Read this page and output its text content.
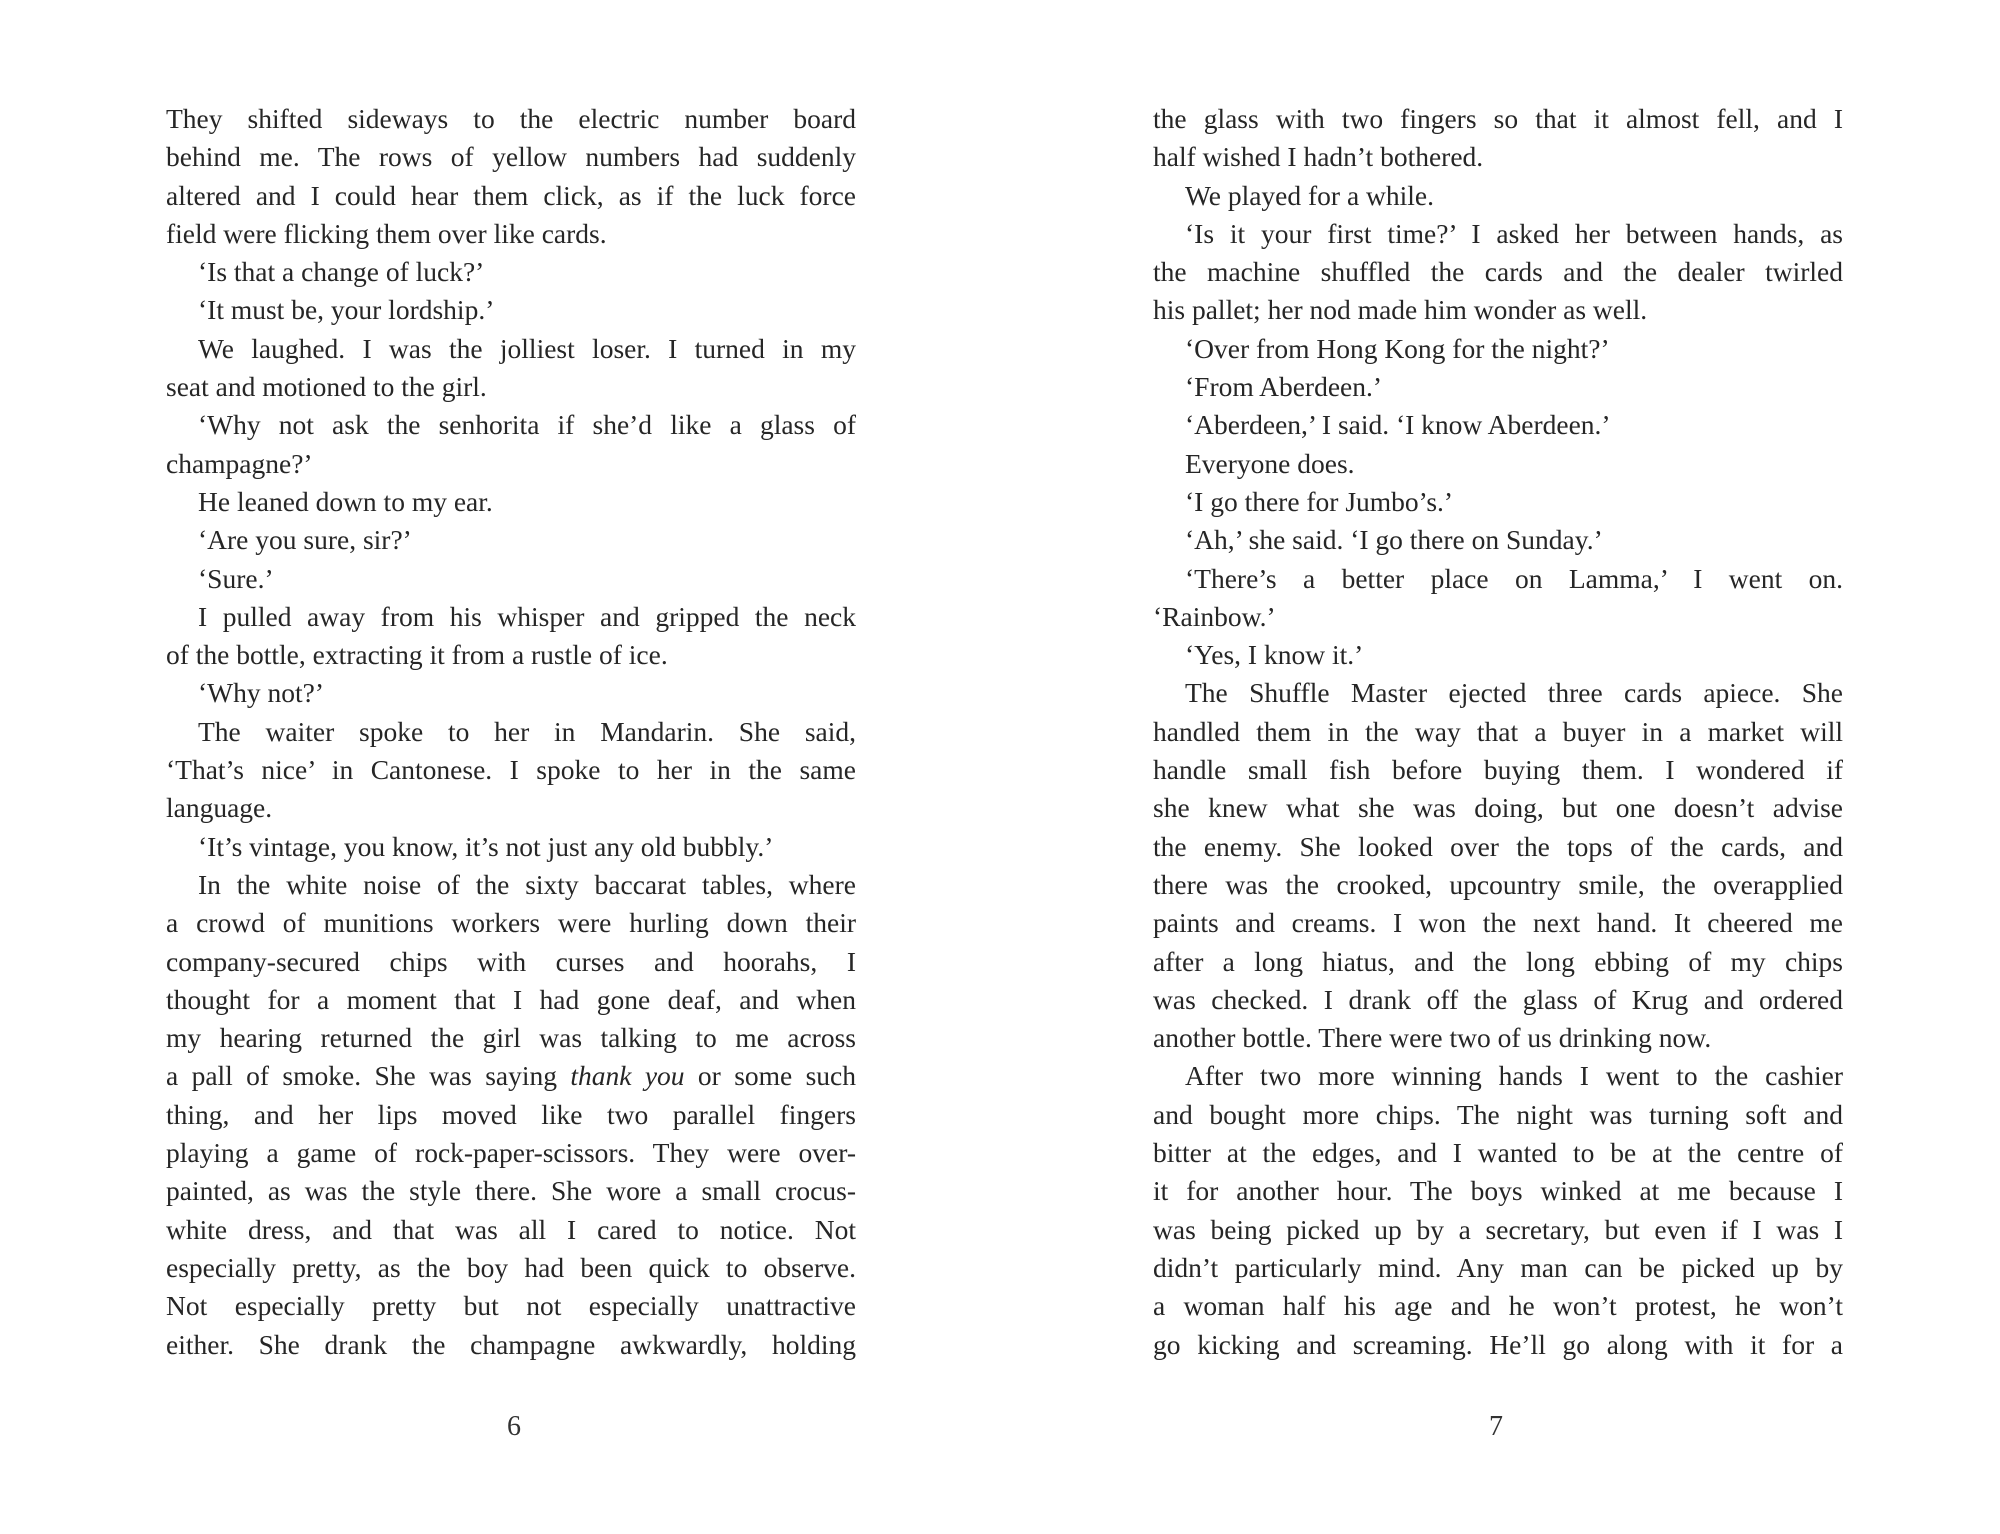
They shifted sideways to the electric number board
behind me. The rows of yellow numbers had suddenly
altered and I could hear them click, as if the luck force
field were flicking them over like cards.
‘Is that a change of luck?’
‘It must be, your lordship.’
We laughed. I was the jolliest loser. I turned in my
seat and motioned to the girl.
‘Why not ask the senhorita if she’d like a glass of
champagne?’
He leaned down to my ear.
‘Are you sure, sir?’
‘Sure.’
I pulled away from his whisper and gripped the neck
of the bottle, extracting it from a rustle of ice.
‘Why not?’
The waiter spoke to her in Mandarin. She said,
‘That’s nice’ in Cantonese. I spoke to her in the same
language.
‘It’s vintage, you know, it’s not just any old bubbly.’
In the white noise of the sixty baccarat tables, where
a crowd of munitions workers were hurling down their
company-secured chips with curses and hoorahs, I
thought for a moment that I had gone deaf, and when
my hearing returned the girl was talking to me across
a pall of smoke. She was saying thank you or some such
thing, and her lips moved like two parallel fingers
playing a game of rock-paper-scissors. They were over-
painted, as was the style there. She wore a small crocus-
white dress, and that was all I cared to notice. Not
especially pretty, as the boy had been quick to observe.
Not especially pretty but not especially unattractive
either. She drank the champagne awkwardly, holding
6
the glass with two fingers so that it almost fell, and I
half wished I hadn’t bothered.
We played for a while.
‘Is it your first time?’ I asked her between hands, as
the machine shuffled the cards and the dealer twirled
his pallet; her nod made him wonder as well.
‘Over from Hong Kong for the night?’
‘From Aberdeen.’
‘Aberdeen,’ I said. ‘I know Aberdeen.’
Everyone does.
‘I go there for Jumbo’s.’
‘Ah,’ she said. ‘I go there on Sunday.’
‘There’s a better place on Lamma,’ I went on.
‘Rainbow.’
‘Yes, I know it.’
The Shuffle Master ejected three cards apiece. She
handled them in the way that a buyer in a market will
handle small fish before buying them. I wondered if
she knew what she was doing, but one doesn’t advise
the enemy. She looked over the tops of the cards, and
there was the crooked, upcountry smile, the overapplied
paints and creams. I won the next hand. It cheered me
after a long hiatus, and the long ebbing of my chips
was checked. I drank off the glass of Krug and ordered
another bottle. There were two of us drinking now.
After two more winning hands I went to the cashier
and bought more chips. The night was turning soft and
bitter at the edges, and I wanted to be at the centre of
it for another hour. The boys winked at me because I
was being picked up by a secretary, but even if I was I
didn’t particularly mind. Any man can be picked up by
a woman half his age and he won’t protest, he won’t
go kicking and screaming. He’ll go along with it for a
7
